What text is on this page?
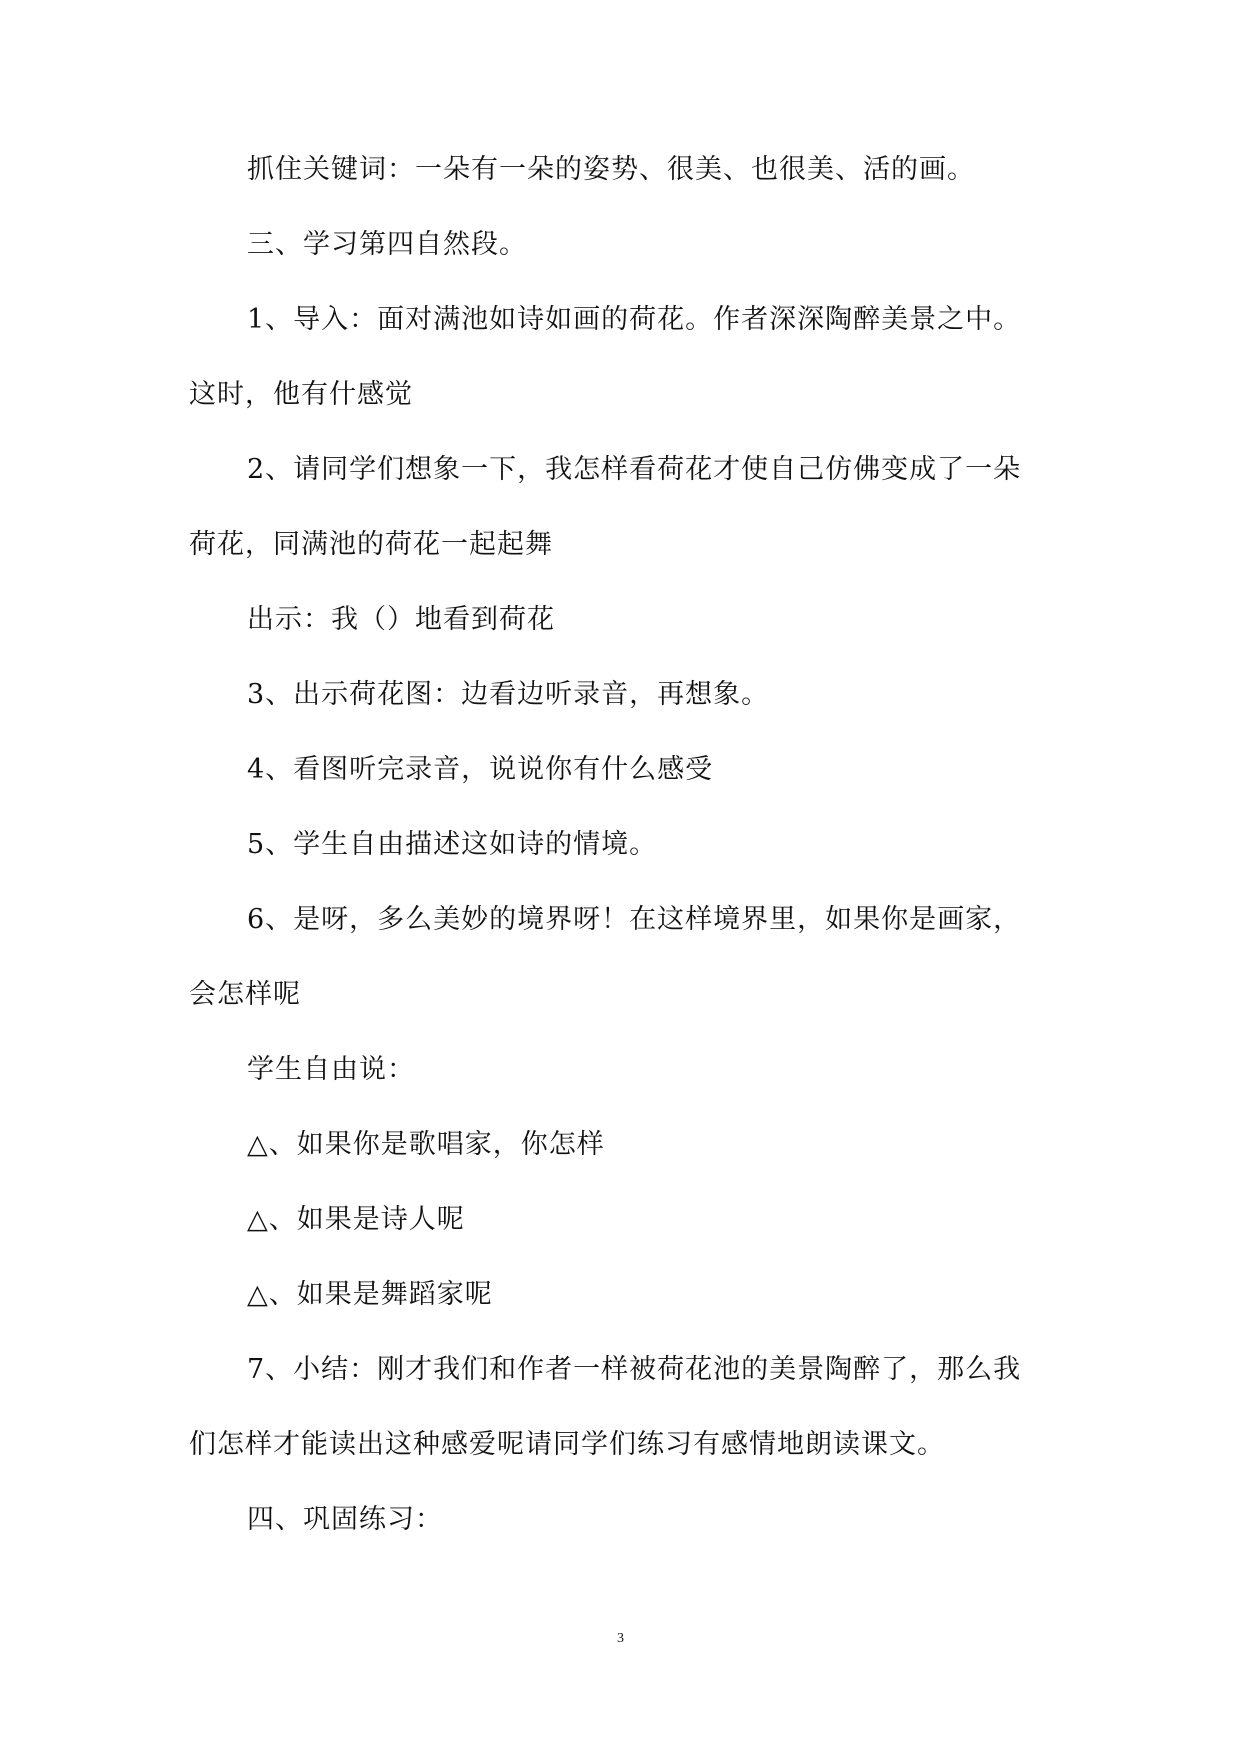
抓住关键词：一朵有一朵的姿势、很美、也很美、活的画。
三、学习第四自然段。
1、导入：面对满池如诗如画的荷花。作者深深陶醉美景之中。
这时，他有什感觉
2、请同学们想象一下，我怎样看荷花才使自己仿佛变成了一朵
荷花，同满池的荷花一起起舞
出示：我（）地看到荷花
3、出示荷花图：边看边听录音，再想象。
4、看图听完录音，说说你有什么感受
5、学生自由描述这如诗的情境。
6、是呀，多么美妙的境界呀！在这样境界里，如果你是画家，
会怎样呢
学生自由说：
△、如果你是歌唱家，你怎样
△、如果是诗人呢
△、如果是舞蹈家呢
7、小结：刚才我们和作者一样被荷花池的美景陶醉了，那么我
们怎样才能读出这种感爱呢请同学们练习有感情地朗读课文。
四、巩固练习：
3
